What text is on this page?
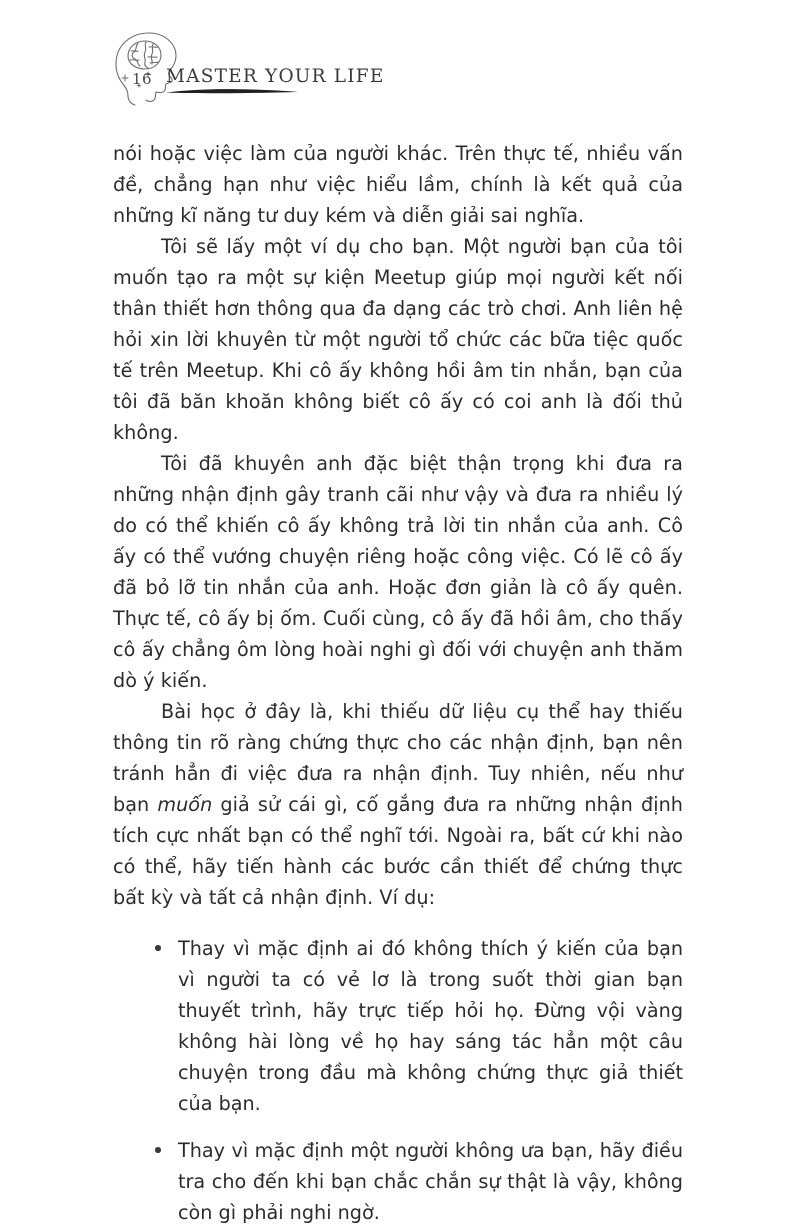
16 MASTER YOUR LIFE

nói hoặc việc làm của người khác. Trên thực tế, nhiều vấn đề, chẳng hạn như việc hiểu lầm, chính là kết quả của những kĩ năng tư duy kém và diễn giải sai nghĩa.

Tôi sẽ lấy một ví dụ cho bạn. Một người bạn của tôi muốn tạo ra một sự kiện Meetup giúp mọi người kết nối thân thiết hơn thông qua đa dạng các trò chơi. Anh liên hệ hỏi xin lời khuyên từ một người tổ chức các bữa tiệc quốc tế trên Meetup. Khi cô ấy không hồi âm tin nhắn, bạn của tôi đã băn khoăn không biết cô ấy có coi anh là đối thủ không.

Tôi đã khuyên anh đặc biệt thận trọng khi đưa ra những nhận định gây tranh cãi như vậy và đưa ra nhiều lý do có thể khiến cô ấy không trả lời tin nhắn của anh. Cô ấy có thể vướng chuyện riêng hoặc công việc. Có lẽ cô ấy đã bỏ lỡ tin nhắn của anh. Hoặc đơn giản là cô ấy quên. Thực tế, cô ấy bị ốm. Cuối cùng, cô ấy đã hồi âm, cho thấy cô ấy chẳng ôm lòng hoài nghi gì đối với chuyện anh thăm dò ý kiến.

Bài học ở đây là, khi thiếu dữ liệu cụ thể hay thiếu thông tin rõ ràng chứng thực cho các nhận định, bạn nên tránh hẳn đi việc đưa ra nhận định. Tuy nhiên, nếu như bạn muốn giả sử cái gì, cố gắng đưa ra những nhận định tích cực nhất bạn có thể nghĩ tới. Ngoài ra, bất cứ khi nào có thể, hãy tiến hành các bước cần thiết để chứng thực bất kỳ và tất cả nhận định. Ví dụ:

Thay vì mặc định ai đó không thích ý kiến của bạn vì người ta có vẻ lơ là trong suốt thời gian bạn thuyết trình, hãy trực tiếp hỏi họ. Đừng vội vàng không hài lòng về họ hay sáng tác hẳn một câu chuyện trong đầu mà không chứng thực giả thiết của bạn.
Thay vì mặc định một người không ưa bạn, hãy điều tra cho đến khi bạn chắc chắn sự thật là vậy, không còn gì phải nghi ngờ.
